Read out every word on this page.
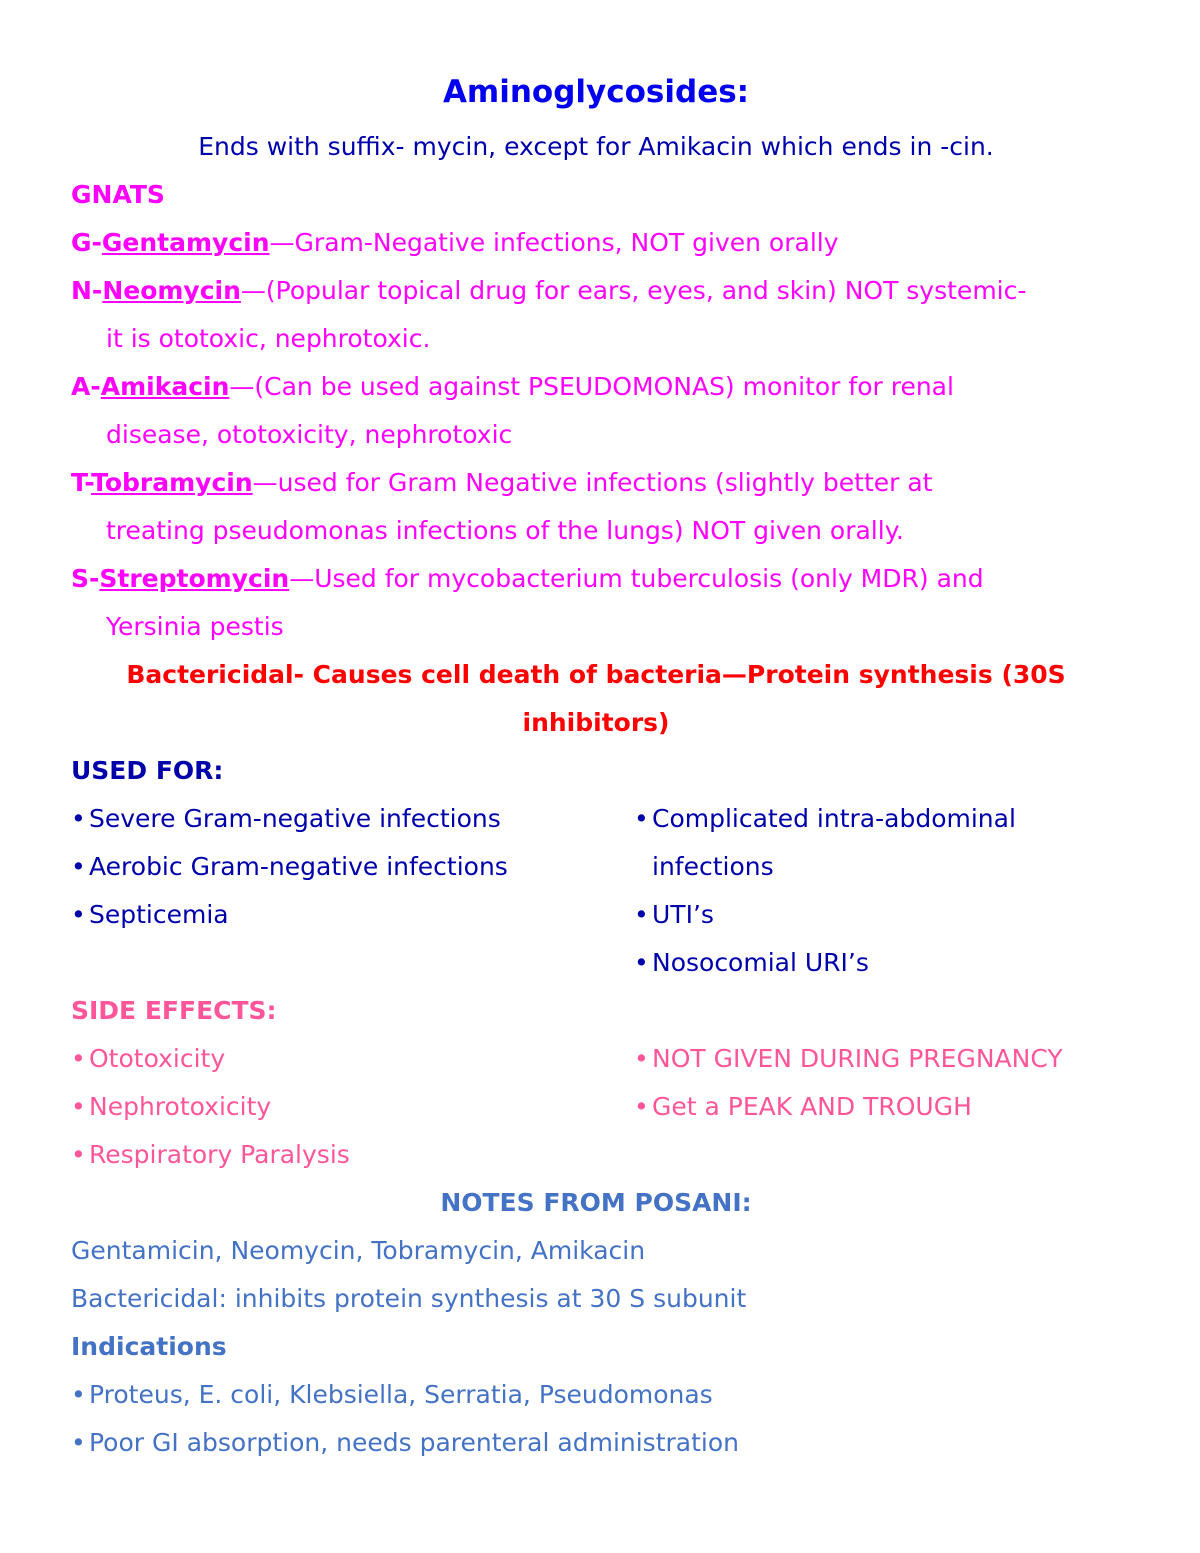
Aminoglycosides:

Ends with suffix- mycin, except for Amikacin which ends in -cin.

GNATS

G-Gentamycin—Gram-Negative infections, NOT given orally

N-Neomycin—(Popular topical drug for ears, eyes, and skin) NOT systemic-

it is ototoxic, nephrotoxic.

A-Amikacin—(Can be used against PSEUDOMONAS) monitor for renal

disease, ototoxicity, nephrotoxic

T-Tobramycin—used for Gram Negative infections (slightly better at

treating pseudomonas infections of the lungs) NOT given orally.

S-Streptomycin—Used for mycobacterium tuberculosis (only MDR) and

Yersinia pestis

Bactericidal- Causes cell death of bacteria—Protein synthesis (30S

inhibitors)

USED FOR:

• Severe Gram-negative infections
• Aerobic Gram-negative infections
• Septicemia
• Complicated intra-abdominal
infections
• UTI’s
• Nosocomial URI’s

SIDE EFFECTS:

• Ototoxicity
• Nephrotoxicity
• Respiratory Paralysis
• NOT GIVEN DURING PREGNANCY
• Get a PEAK AND TROUGH

NOTES FROM POSANI:

Gentamicin, Neomycin, Tobramycin, Amikacin

Bactericidal: inhibits protein synthesis at 30 S subunit

Indications

• Proteus, E. coli, Klebsiella, Serratia, Pseudomonas
• Poor GI absorption, needs parenteral administration
